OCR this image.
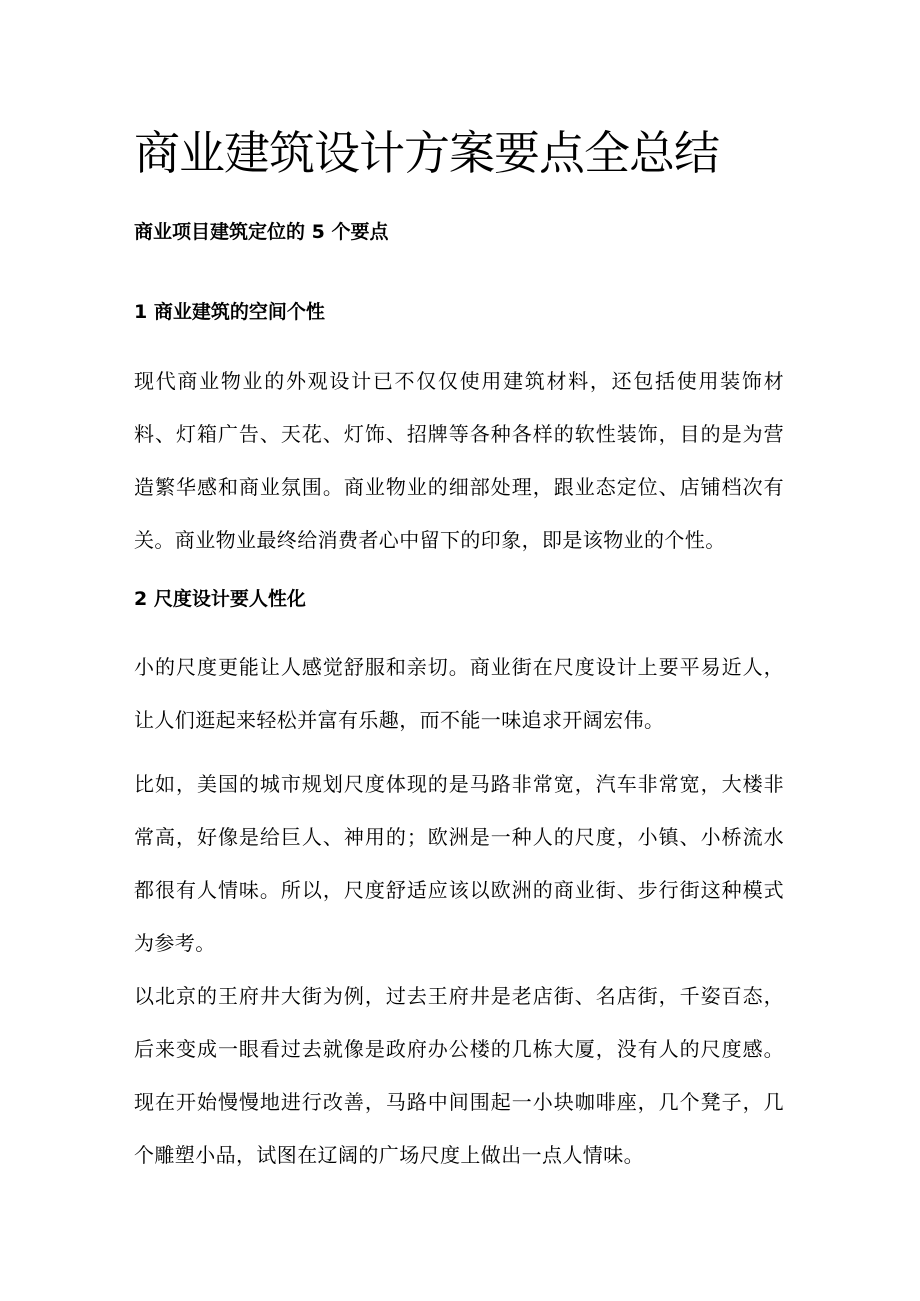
商业建筑设计方案要点全总结
商业项目建筑定位的 5 个要点
1 商业建筑的空间个性

现代商业物业的外观设计已不仅仅使用建筑材料，还包括使用装饰材料、灯箱广告、天花、灯饰、招牌等各种各样的软性装饰，目的是为营造繁华感和商业氛围。商业物业的细部处理，跟业态定位、店铺档次有关。商业物业最终给消费者心中留下的印象，即是该物业的个性。

2 尺度设计要人性化

小的尺度更能让人感觉舒服和亲切。商业街在尺度设计上要平易近人，让人们逛起来轻松并富有乐趣，而不能一味追求开阔宏伟。

比如，美国的城市规划尺度体现的是马路非常宽，汽车非常宽，大楼非常高，好像是给巨人、神用的；欧洲是一种人的尺度，小镇、小桥流水都很有人情味。所以，尺度舒适应该以欧洲的商业街、步行街这种模式为参考。

以北京的王府井大街为例，过去王府井是老店街、名店街，千姿百态，后来变成一眼看过去就像是政府办公楼的几栋大厦，没有人的尺度感。现在开始慢慢地进行改善，马路中间围起一小块咖啡座，几个凳子，几个雕塑小品，试图在辽阔的广场尺度上做出一点人情味。
